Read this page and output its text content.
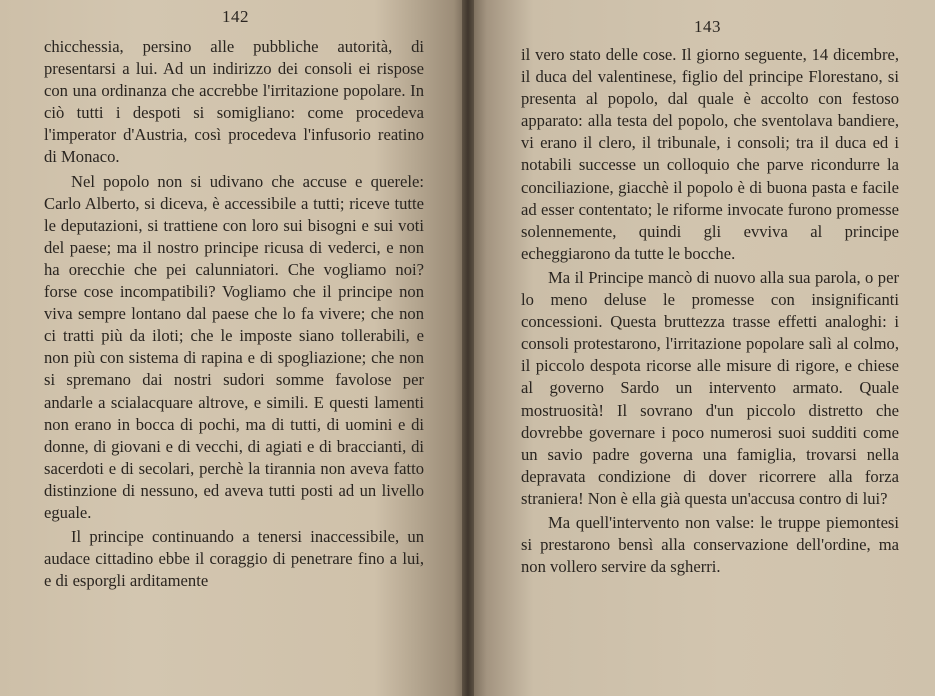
142

chicchessia, persino alle pubbliche autorità, di presentarsi a lui. Ad un indirizzo dei consoli ei rispose con una ordinanza che accrebbe l'irritazione popolare. In ciò tutti i despoti si somigliano: come procedeva l'imperator d'Austria, così procedeva l'infusorio reatino di Monaco.

Nel popolo non si udivano che accuse e querele: Carlo Alberto, si diceva, è accessibile a tutti; riceve tutte le deputazioni, si trattiene con loro sui bisogni e sui voti del paese; ma il nostro principe ricusa di vederci, e non ha orecchie che pei calunniatori. Che vogliamo noi? forse cose incompatibili? Vogliamo che il principe non viva sempre lontano dal paese che lo fa vivere; che non ci tratti più da iloti; che le imposte siano tollerabili, e non più con sistema di rapina e di spogliazione; che non si spremano dai nostri sudori somme favolose per andarle a scialacquare altrove, e simili. E questi lamenti non erano in bocca di pochi, ma di tutti, di uomini e di donne, di giovani e di vecchi, di agiati e di braccianti, di sacerdoti e di secolari, perchè la tirannia non aveva fatto distinzione di nessuno, ed aveva tutti posti ad un livello eguale.

Il principe continuando a tenersi inaccessibile, un audace cittadino ebbe il coraggio di penetrare fino a lui, e di esporgli arditamente

143

il vero stato delle cose. Il giorno seguente, 14 dicembre, il duca del valentinese, figlio del principe Florestano, si presenta al popolo, dal quale è accolto con festoso apparato: alla testa del popolo, che sventolava bandiere, vi erano il clero, il tribunale, i consoli; tra il duca ed i notabili successe un colloquio che parve ricondurre la conciliazione, giacchè il popolo è di buona pasta e facile ad esser contentato; le riforme invocate furono promesse solennemente, quindi gli evviva al principe echeggiarono da tutte le bocche.

Ma il Principe mancò di nuovo alla sua parola, o per lo meno deluse le promesse con insignificanti concessioni. Questa bruttezza trasse effetti analoghi: i consoli protestarono, l'irritazione popolare salì al colmo, il piccolo despota ricorse alle misure di rigore, e chiese al governo Sardo un intervento armato. Quale mostruosità! Il sovrano d'un piccolo distretto che dovrebbe governare i poco numerosi suoi sudditi come un savio padre governa una famiglia, trovarsi nella depravata condizione di dover ricorrere alla forza straniera! Non è ella già questa un'accusa contro di lui?

Ma quell'intervento non valse: le truppe piemontesi si prestarono bensì alla conservazione dell'ordine, ma non vollero servire da sgherri.
